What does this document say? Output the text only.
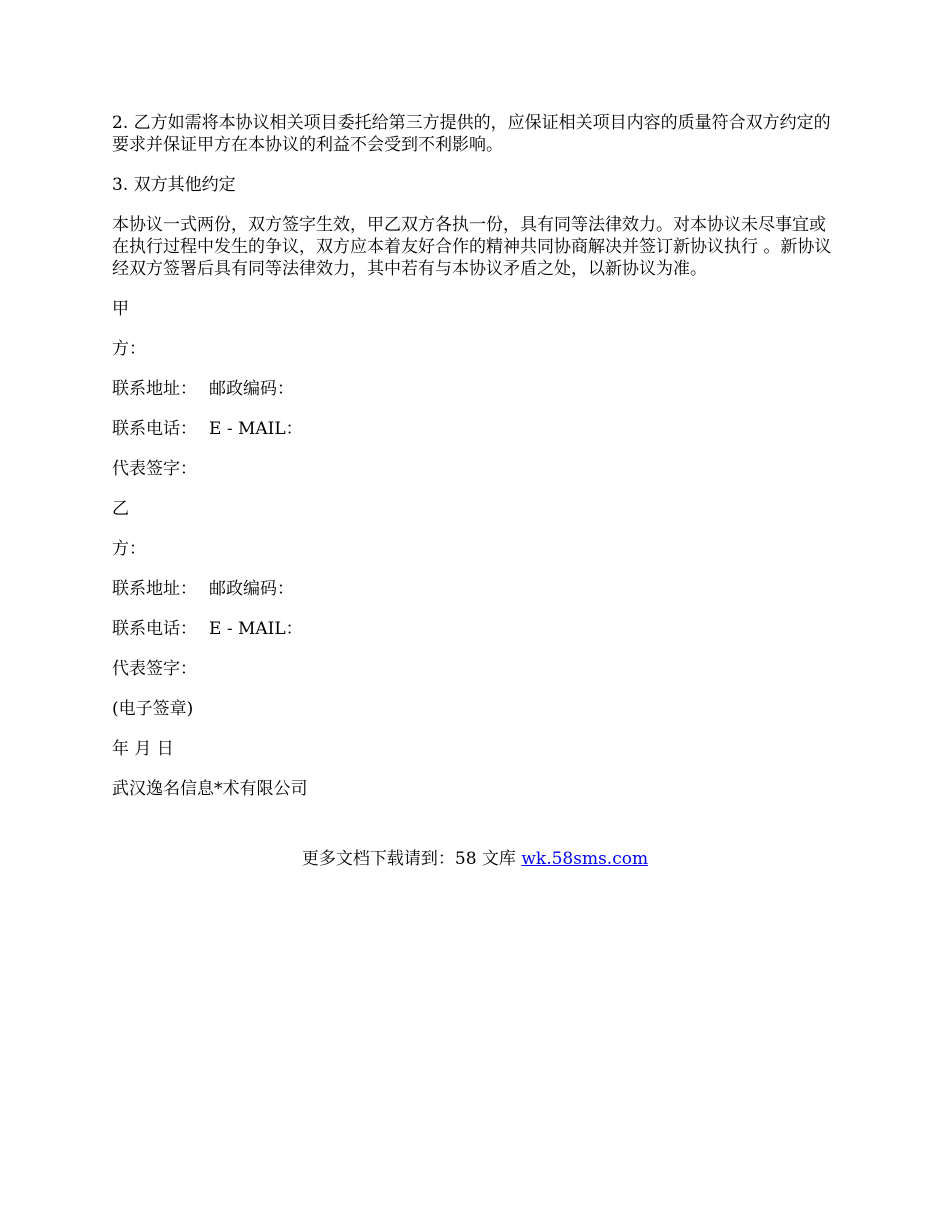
2. 乙方如需将本协议相关项目委托给第三方提供的，应保证相关项目内容的质量符合双方约定的要求并保证甲方在本协议的利益不会受到不利影响。

3. 双方其他约定

本协议一式两份，双方签字生效，甲乙双方各执一份，具有同等法律效力。对本协议未尽事宜或在执行过程中发生的争议，双方应本着友好合作的精神共同协商解决并签订新协议执行 。新协议经双方签署后具有同等法律效力，其中若有与本协议矛盾之处，以新协议为准。

甲

方：

联系地址： 邮政编码：

联系电话： E - MAIL：

代表签字：

乙

方：

联系地址： 邮政编码：

联系电话： E - MAIL：

代表签字：

(电子签章)

年 月 日

武汉逸名信息*术有限公司

更多文档下载请到：58 文库 wk.58sms.com
